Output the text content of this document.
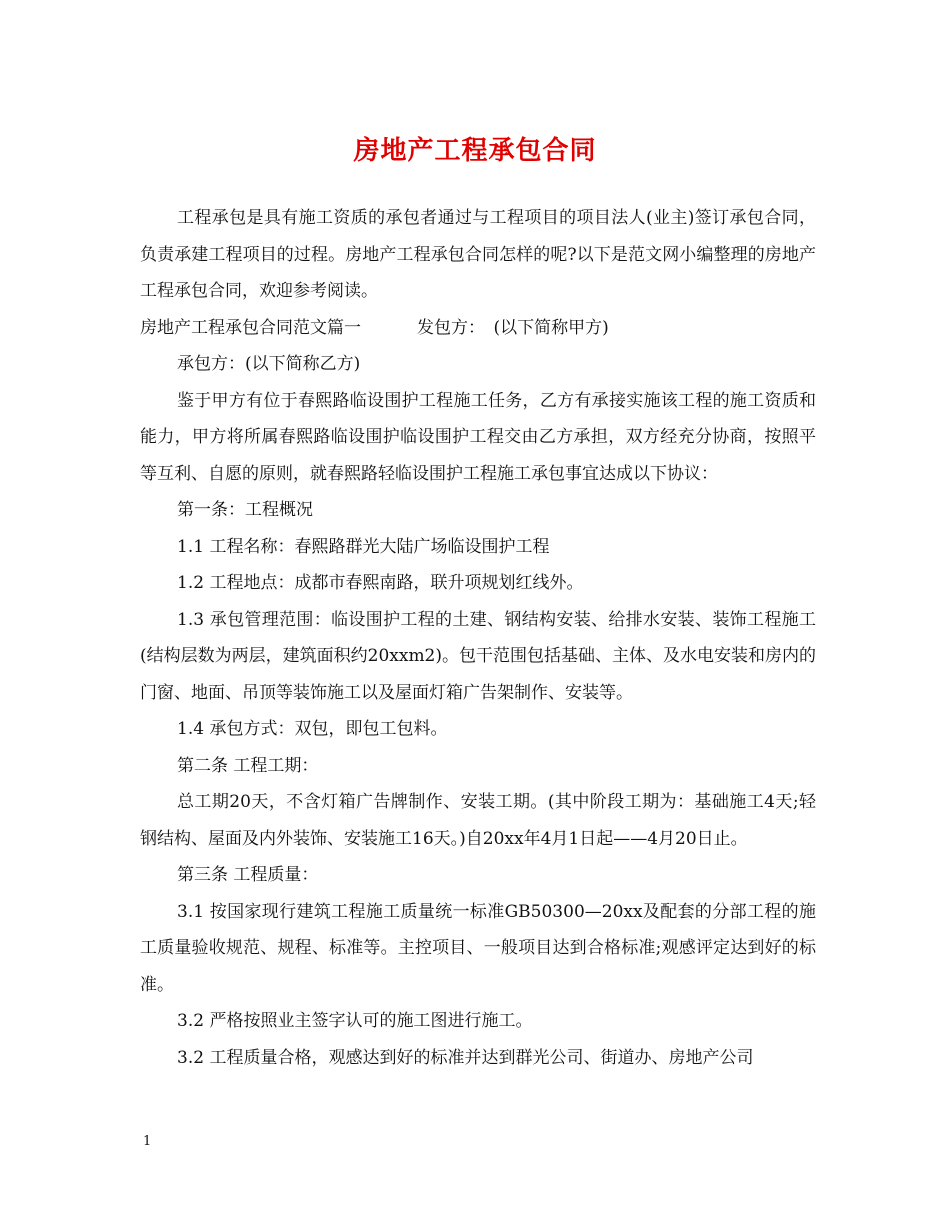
房地产工程承包合同

工程承包是具有施工资质的承包者通过与工程项目的项目法人(业主)签订承包合同，负责承建工程项目的过程。房地产工程承包合同怎样的呢?以下是范文网小编整理的房地产工程承包合同，欢迎参考阅读。

房地产工程承包合同范文篇一	发包方：　(以下简称甲方)

承包方：(以下简称乙方)

鉴于甲方有位于春熙路临设围护工程施工任务，乙方有承接实施该工程的施工资质和能力，甲方将所属春熙路临设围护临设围护工程交由乙方承担，双方经充分协商，按照平等互利、自愿的原则，就春熙路轻临设围护工程施工承包事宜达成以下协议：

第一条：工程概况

1.1 工程名称：春熙路群光大陆广场临设围护工程

1.2 工程地点：成都市春熙南路，联升项规划红线外。

1.3 承包管理范围：临设围护工程的土建、钢结构安装、给排水安装、装饰工程施工(结构层数为两层，建筑面积约20xxm2)。包干范围包括基础、主体、及水电安装和房内的门窗、地面、吊顶等装饰施工以及屋面灯箱广告架制作、安装等。

1.4 承包方式：双包，即包工包料。

第二条 工程工期：

总工期20天，不含灯箱广告牌制作、安装工期。(其中阶段工期为：基础施工4天;轻钢结构、屋面及内外装饰、安装施工16天。)自20xx年4月1日起——4月20日止。

第三条 工程质量：

3.1 按国家现行建筑工程施工质量统一标准GB50300—20xx及配套的分部工程的施工质量验收规范、规程、标准等。主控项目、一般项目达到合格标准;观感评定达到好的标准。

3.2 严格按照业主签字认可的施工图进行施工。

3.2 工程质量合格，观感达到好的标准并达到群光公司、街道办、房地产公司

1
